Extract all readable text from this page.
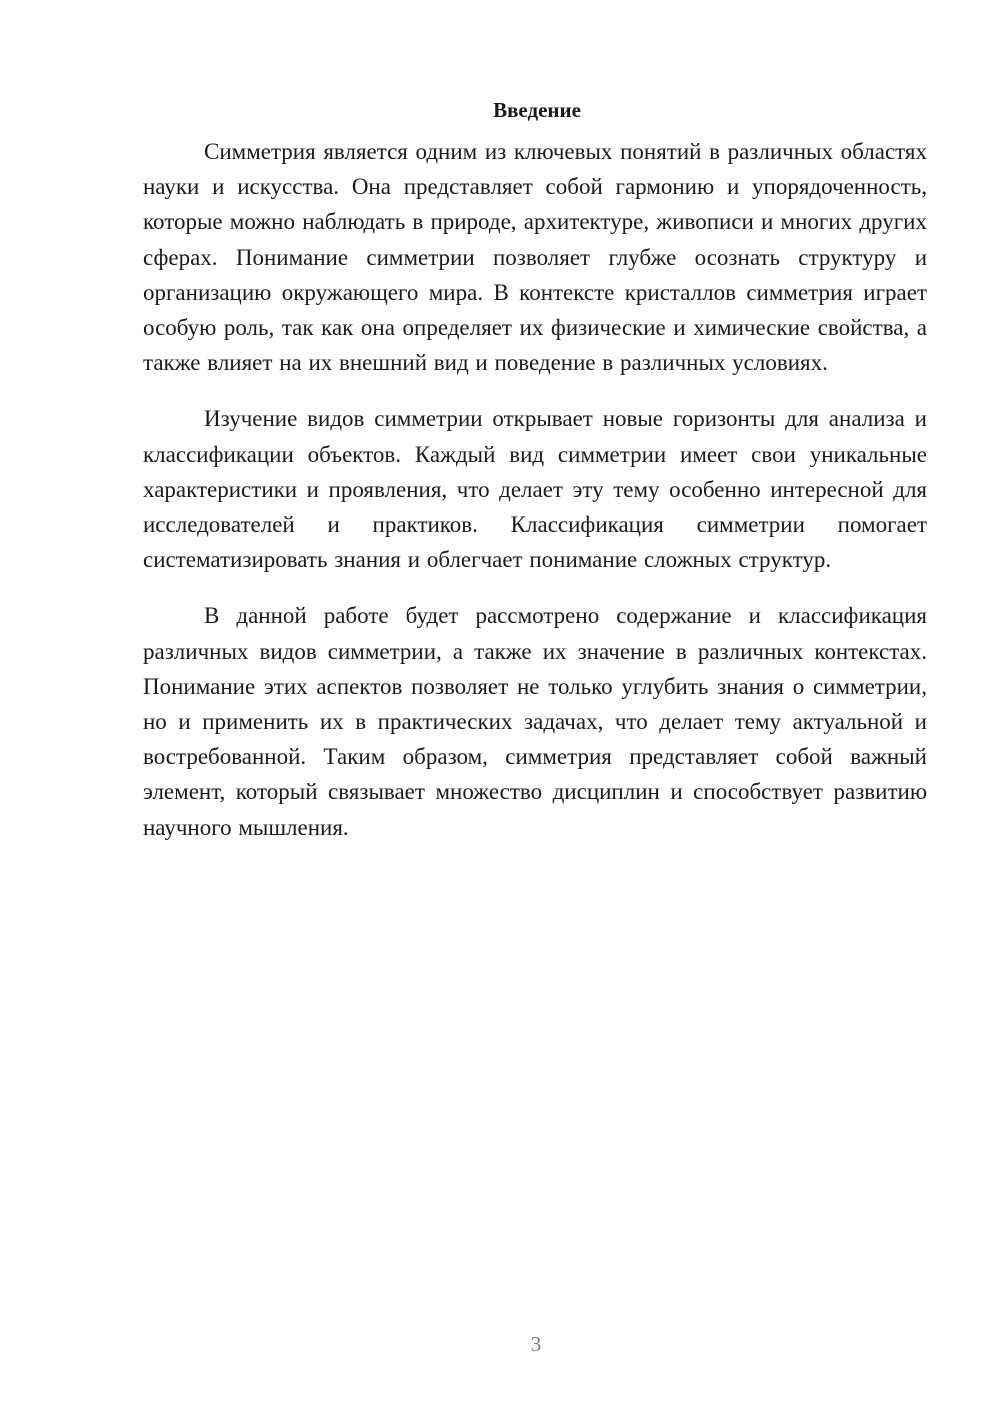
Введение

Симметрия является одним из ключевых понятий в различных областях науки и искусства. Она представляет собой гармонию и упорядоченность, которые можно наблюдать в природе, архитектуре, живописи и многих других сферах. Понимание симметрии позволяет глубже осознать структуру и организацию окружающего мира. В контексте кристаллов симметрия играет особую роль, так как она определяет их физические и химические свойства, а также влияет на их внешний вид и поведение в различных условиях.

Изучение видов симметрии открывает новые горизонты для анализа и классификации объектов. Каждый вид симметрии имеет свои уникальные характеристики и проявления, что делает эту тему особенно интересной для исследователей и практиков. Классификация симметрии помогает систематизировать знания и облегчает понимание сложных структур.

В данной работе будет рассмотрено содержание и классификация различных видов симметрии, а также их значение в различных контекстах. Понимание этих аспектов позволяет не только углубить знания о симметрии, но и применить их в практических задачах, что делает тему актуальной и востребованной. Таким образом, симметрия представляет собой важный элемент, который связывает множество дисциплин и способствует развитию научного мышления.

3
